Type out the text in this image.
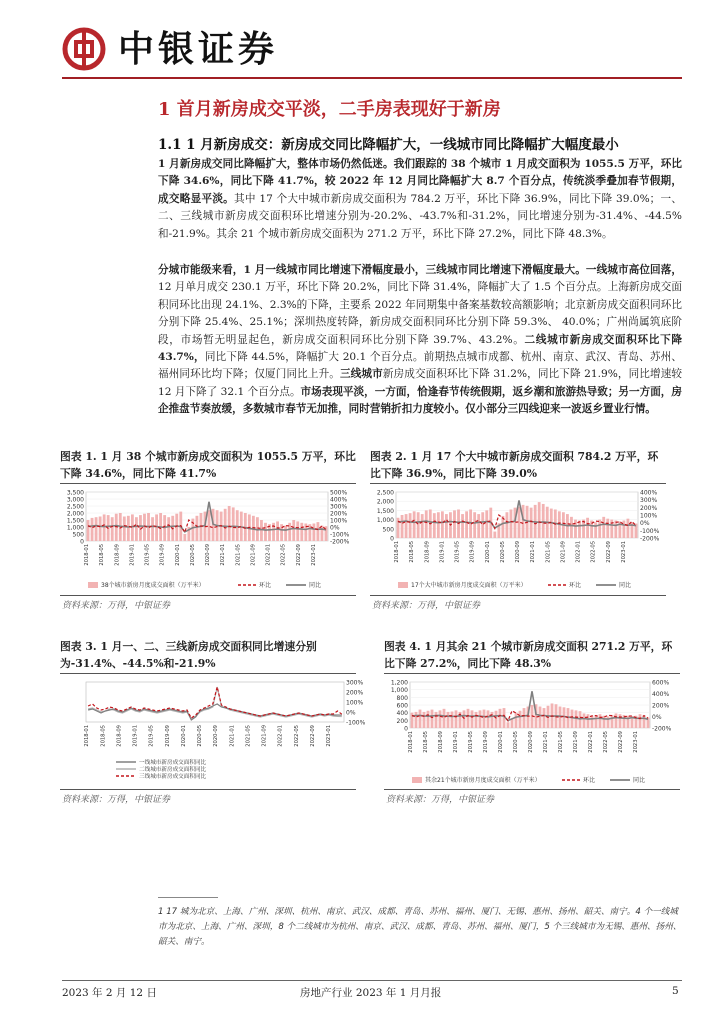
中银证券
1 首月新房成交平淡，二手房表现好于新房
1.1 1 月新房成交：新房成交同比降幅扩大，一线城市同比降幅扩大幅度最小

1 月新房成交同比降幅扩大，整体市场仍然低迷。我们跟踪的 38 个城市 1 月成交面积为 1055.5 万平，环比下降 34.6%，同比下降 41.7%，较 2022 年 12 月同比降幅扩大 8.7 个百分点，传统淡季叠加春节假期，成交略显平淡。其中 17 个大中城市新房成交面积为 784.2 万平，环比下降 36.9%，同比下降 39.0%；一、二、三线城市新房成交面积环比增速分别为-20.2%、-43.7%和-31.2%，同比增速分别为-31.4%、-44.5%和-21.9%。其余 21 个城市新房成交面积为 271.2 万平，环比下降 27.2%，同比下降 48.3%。

分城市能级来看，1 月一线城市同比增速下滑幅度最小，三线城市同比增速下滑幅度最大。一线城市高位回落，12 月单月成交 230.1 万平，环比下降 20.2%，同比下降 31.4%，降幅扩大了 1.5 个百分点。上海新房成交面积同环比出现 24.1%、2.3%的下降，主要系 2022 年同期集中备案基数较高额影响；北京新房成交面积同环比分别下降 25.4%、25.1%；深圳热度转降，新房成交面积同环比分别下降 59.3%、 40.0%；广州尚属筑底阶段，市场暂无明显起色，新房成交面积同环比分别下降 39.7%、43.2%。二线城市新房成交面积环比下降 43.7%，同比下降 44.5%，降幅扩大 20.1 个百分点。前期热点城市成都、杭州、南京、武汉、青岛、苏州、福州同环比均下降；仅厦门同比上升。三线城市新房成交面积环比下降 31.2%，同比下降 21.9%，同比增速较 12 月下降了 32.1 个百分点。市场表现平淡，一方面，恰逢春节传统假期，返乡潮和旅游热导致；另一方面，房企推盘节奏放缓，多数城市春节无加推，同时营销折扣力度较小。仅小部分三四线迎来一波返乡置业行情。

图表 1. 1 月 38 个城市新房成交面积为 1055.5 万平，环比下降 34.6%，同比下降 41.7%
3,500
3,000
2,500
2,000
1,500
1,000
500
0
500%
400%
300%
200%
100%
0%
-100%
-200%
2018-01 2018-05 2018-09 2019-01 2019-05 2019-09 2020-01 2020-05 2020-09 2021-01 2021-05 2021-09 2022-01 2022-05 2022-09 2023-01
38个城市新房月度成交面积（万平米）	环比	同比
资料来源：万得，中银证券
图表 2. 1 月 17 个大中城市新房成交面积 784.2 万平，环比下降 36.9%，同比下降 39.0%
2,500
2,000
1,500
1,000
500
0
400%
300%
200%
100%
0%
-100%
-200%
2018-01 2018-05 2018-09 2019-01 2019-05 2019-09 2020-01 2020-05 2020-09 2021-01 2021-05 2021-09 2022-01 2022-05 2022-09 2023-01
17个大中城市新房月度成交面积（万平米）	环比	同比
资料来源：万得，中银证券
图表 3. 1 月一、二、三线新房成交面积同比增速分别为-31.4%、-44.5%和-21.9%
300%
200%
100%
0%
-100%
2018-01 2018-05 2018-09 2019-01 2019-05 2019-09 2020-01 2020-05 2020-09 2021-01 2021-05 2021-09 2022-01 2022-05 2022-09 2023-01
一线城市新房成交面积同比
二线城市新房成交面积同比
三线城市新房成交面积同比
资料来源：万得，中银证券
图表 4. 1 月其余 21 个城市新房成交面积 271.2 万平，环比下降 27.2%，同比下降 48.3%
1,200
1,000
800
600
400
200
0
600%
400%
200%
0%
-200%
2018-01 2018-05 2018-09 2019-01 2019-05 2019-09 2020-01 2020-05 2020-09 2021-01 2021-05 2021-09 2022-01 2022-05 2022-09 2023-01
其余21个城市新房月度成交面积（万平米）	环比	同比
资料来源：万得，中银证券
1 17 城为北京、上海、广州、深圳、杭州、南京、武汉、成都、青岛、苏州、福州、厦门、无锡、惠州、扬州、韶关、南宁。4 个一线城市为北京、上海、广州、深圳，8 个二线城市为杭州、南京、武汉、成都、青岛、苏州、福州、厦门，5 个三线城市为无锡、惠州、扬州、韶关、南宁。
2023 年 2 月 12 日	房地产行业 2023 年 1 月月报	5
